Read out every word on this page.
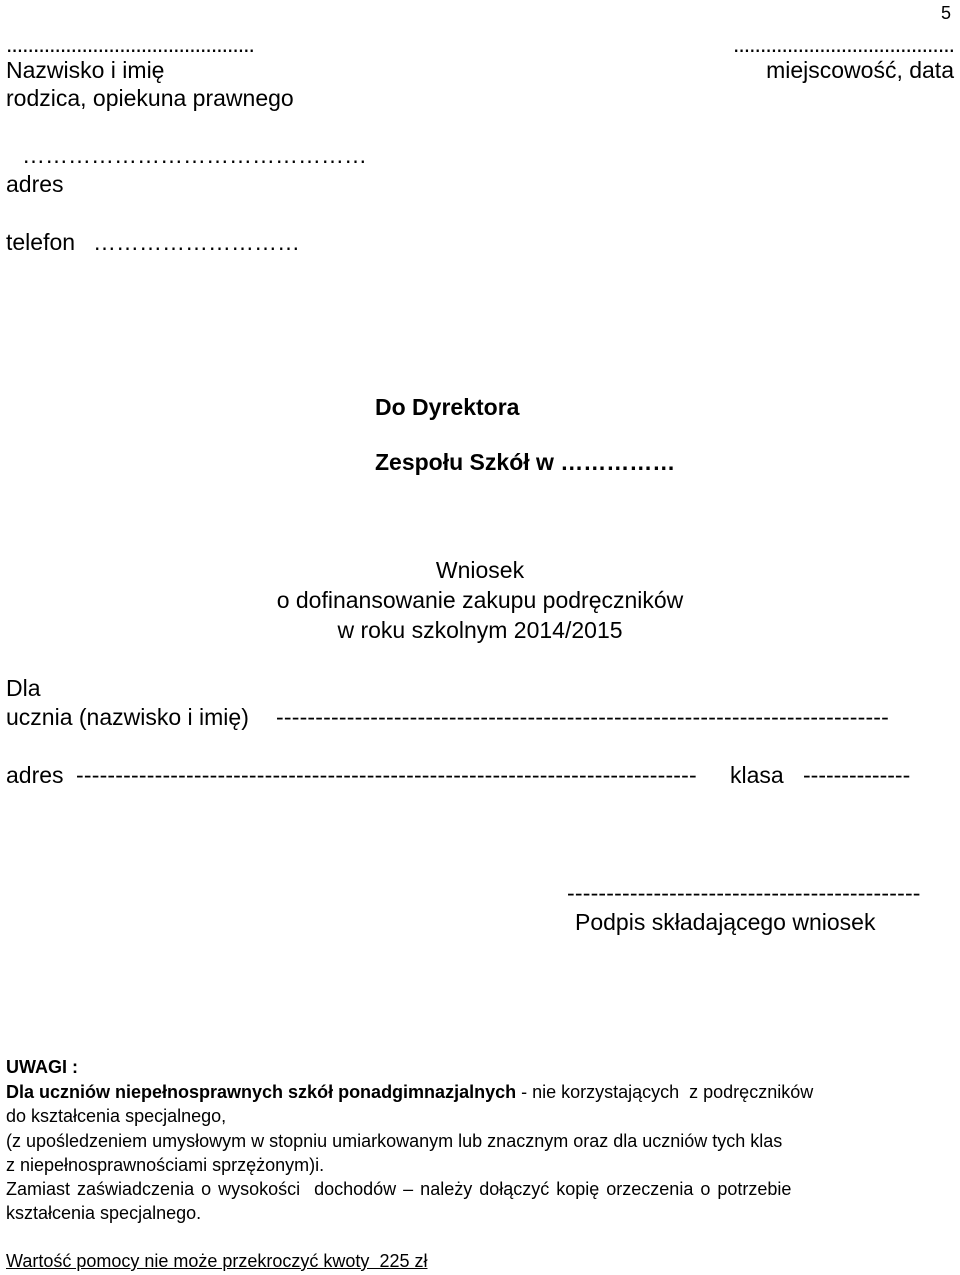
5
..............................................	.........................................
Nazwisko i imię	miejscowość, data
rodzica, opiekuna prawnego
………………………………………
adres
telefon ………………………
Do Dyrektora
Zespołu Szkół w ……………
Wniosek
o dofinansowanie zakupu podręczników
w roku szkolnym 2014/2015
Dla
ucznia (nazwisko i imię) ------------------------------------------------------------------------------
adres ------------------------------------------------------------------------------- klasa --------------
---------------------------------------------
Podpis składającego wniosek
UWAGI :
Dla uczniów niepełnosprawnych szkół ponadgimnazjalnych - nie korzystających  z podręczników
do kształcenia specjalnego,
(z upośledzeniem umysłowym w stopniu umiarkowanym lub znacznym oraz dla uczniów tych klas
z niepełnosprawnościami sprzężonym)i.
Zamiast zaświadczenia o wysokości  dochodów – należy dołączyć kopię orzeczenia o potrzebie
kształcenia specjalnego.
Wartość pomocy nie może przekroczyć kwoty  225 zł
